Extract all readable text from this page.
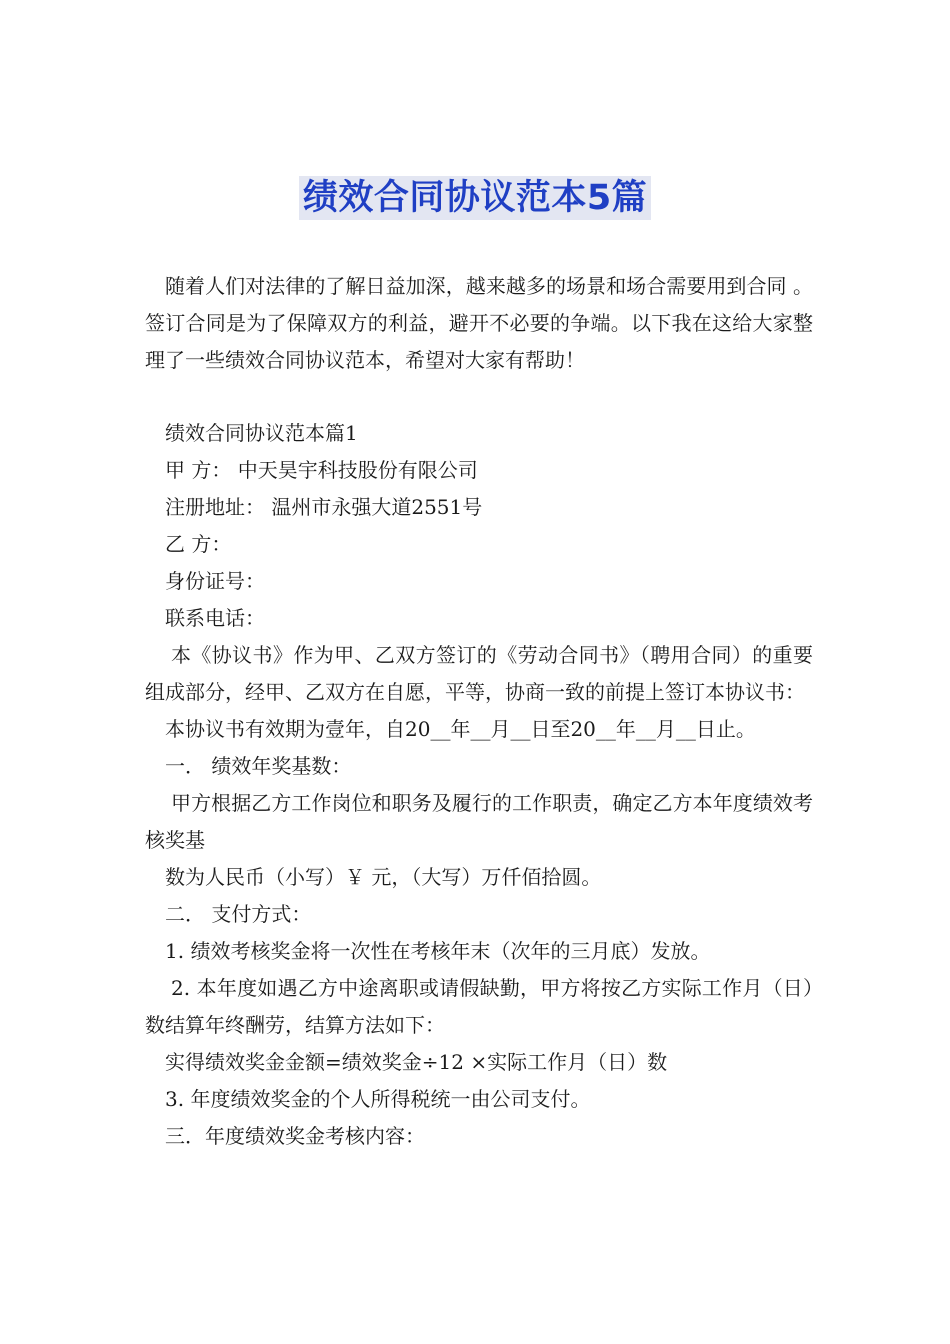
绩效合同协议范本5篇

随着人们对法律的了解日益加深，越来越多的场景和场合需要用到合同 。 签订合同是为了保障双方的利益，避开不必要的争端。以下我在这给大家整理了一些绩效合同协议范本，希望对大家有帮助！

绩效合同协议范本篇1

甲 方： 中天昊宇科技股份有限公司

注册地址： 温州市永强大道2551号

乙 方：

身份证号：

联系电话：

本《协议书》作为甲、乙双方签订的《劳动合同书》（聘用合同）的重要组成部分，经甲、乙双方在自愿，平等，协商一致的前提上签订本协议书：

本协议书有效期为壹年，自20__年__月__日至20__年__月__日止。

一． 绩效年奖基数：

甲方根据乙方工作岗位和职务及履行的工作职责，确定乙方本年度绩效考核奖基

数为人民币（小写）￥ 元，（大写）万仟佰拾圆。

二． 支付方式：

1. 绩效考核奖金将一次性在考核年末（次年的三月底）发放。

2. 本年度如遇乙方中途离职或请假缺勤，甲方将按乙方实际工作月（日）数结算年终酬劳，结算方法如下：

实得绩效奖金金额=绩效奖金÷12 ×实际工作月（日）数

3. 年度绩效奖金的个人所得税统一由公司支付。

三．年度绩效奖金考核内容：
